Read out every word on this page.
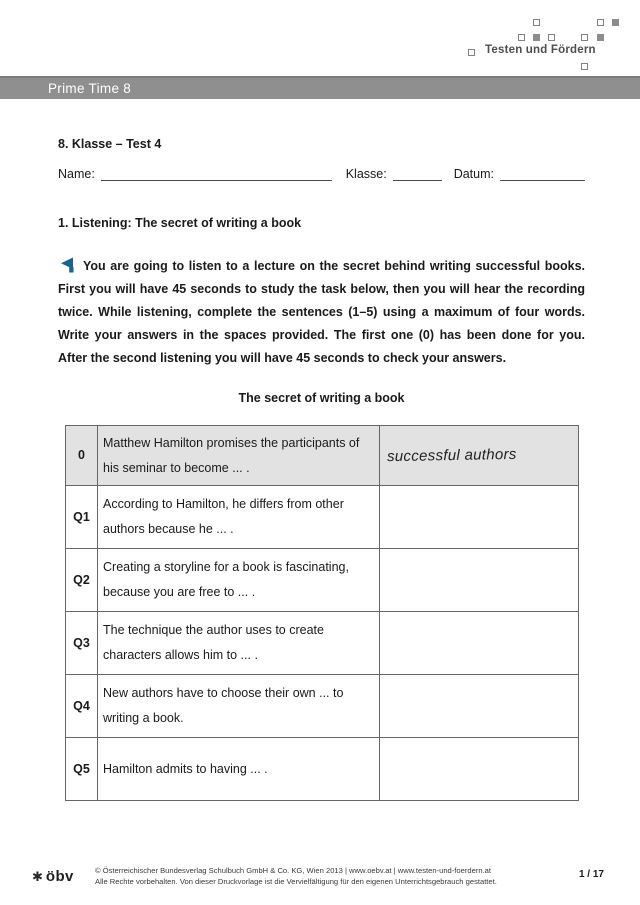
Testen und Fördern
Prime Time 8
8. Klasse – Test 4
Name:	Klasse:	Datum:
1. Listening: The secret of writing a book
You are going to listen to a lecture on the secret behind writing successful books. First you will have 45 seconds to study the task below, then you will hear the recording twice. While listening, complete the sentences (1–5) using a maximum of four words. Write your answers in the spaces provided. The first one (0) has been done for you. After the second listening you will have 45 seconds to check your answers.
The secret of writing a book
0	Matthew Hamilton promises the participants of his seminar to become ... .	successful authors
Q1	According to Hamilton, he differs from other authors because he ... .	
Q2	Creating a storyline for a book is fascinating, because you are free to ... .	
Q3	The technique the author uses to create characters allows him to ... .	
Q4	New authors have to choose their own ... to writing a book.	
Q5	Hamilton admits to having ... .	
✱ öbv	© Österreichischer Bundesverlag Schulbuch GmbH & Co. KG, Wien 2013 | www.oebv.at | www.testen-und-foerdern.at
Alle Rechte vorbehalten. Von dieser Druckvorlage ist die Vervielfältigung für den eigenen Unterrichtsgebrauch gestattet.
1 / 17
